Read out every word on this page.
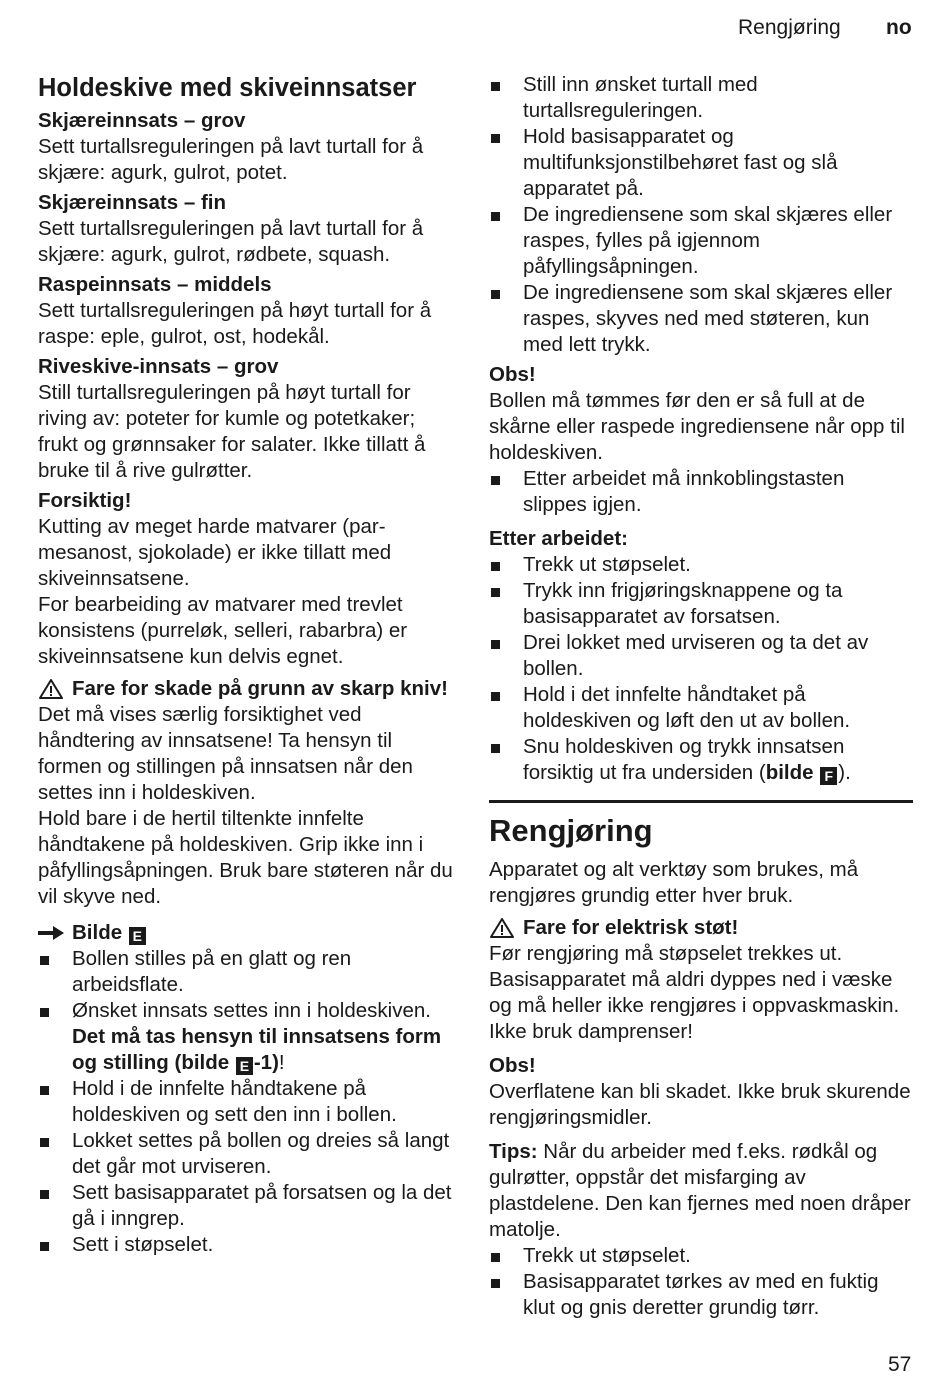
Rengjøring no
Holdeskive med skiveinnsatser

Skjæreinnsats – grov

Sett turtallsreguleringen på lavt turtall for å skjære: agurk, gulrot, potet.

Skjæreinnsats – fin

Sett turtallsreguleringen på lavt turtall for å skjære: agurk, gulrot, rødbete, squash.

Raspeinnsats – middels

Sett turtallsreguleringen på høyt turtall for å raspe: eple, gulrot, ost, hodekål.

Riveskive-innsats – grov

Still turtallsreguleringen på høyt turtall for riving av: poteter for kumle og potetkaker; frukt og grønnsaker for salater. Ikke tillatt å bruke til å rive gulrøtter.

Forsiktig!

Kutting av meget harde matvarer (par-mesanost, sjokolade) er ikke tillatt med skiveinnsatsene.

For bearbeiding av matvarer med trevlet konsistens (purreløk, selleri, rabarbra) er skiveinnsatsene kun delvis egnet.

Fare for skade på grunn av skarp kniv!

Det må vises særlig forsiktighet ved håndtering av innsatsene! Ta hensyn til formen og stillingen på innsatsen når den settes inn i holdeskiven.

Hold bare i de hertil tiltenkte innfelte håndtakene på holdeskiven. Grip ikke inn i påfyllingsåpningen. Bruk bare støteren når du vil skyve ned.

Bilde E
Bollen stilles på en glatt og ren arbeidsflate.
Ønsket innsats settes inn i holdeskiven.
Det må tas hensyn til innsatsens form og stilling (bilde E -1)!
Hold i de innfelte håndtakene på holdeskiven og sett den inn i bollen.
Lokket settes på bollen og dreies så langt det går mot urviseren.
Sett basisapparatet på forsatsen og la det gå i inngrep.
Sett i støpselet.
Still inn ønsket turtall med turtallsreguleringen.
Hold basisapparatet og multifunksjonstilbehøret fast og slå apparatet på.
De ingrediensene som skal skjæres eller raspes, fylles på igjennom påfyllingsåpningen.
De ingrediensene som skal skjæres eller raspes, skyves ned med støteren, kun med lett trykk.

Obs!

Bollen må tømmes før den er så full at de skårne eller raspede ingrediensene når opp til holdeskiven.

Etter arbeidet må innkoblingstasten slippes igjen.

Etter arbeidet:

Trekk ut støpselet.
Trykk inn frigjøringsknappene og ta basisapparatet av forsatsen.
Drei lokket med urviseren og ta det av bollen.
Hold i det innfelte håndtaket på holdeskiven og løft den ut av bollen.
Snu holdeskiven og trykk innsatsen forsiktig ut fra undersiden (bilde F ).
Rengjøring

Apparatet og alt verktøy som brukes, må rengjøres grundig etter hver bruk.

Fare for elektrisk støt!

Før rengjøring må støpselet trekkes ut. Basisapparatet må aldri dyppes ned i væske og må heller ikke rengjøres i oppvaskmaskin.

Ikke bruk damprenser!

Obs!

Overflatene kan bli skadet. Ikke bruk skurende rengjøringsmidler.

Tips: Når du arbeider med f.eks. rødkål og gulrøtter, oppstår det misfarging av plastdelene. Den kan fjernes med noen dråper matolje.

Trekk ut støpselet.
Basisapparatet tørkes av med en fuktig klut og gnis deretter grundig tørr.
57
